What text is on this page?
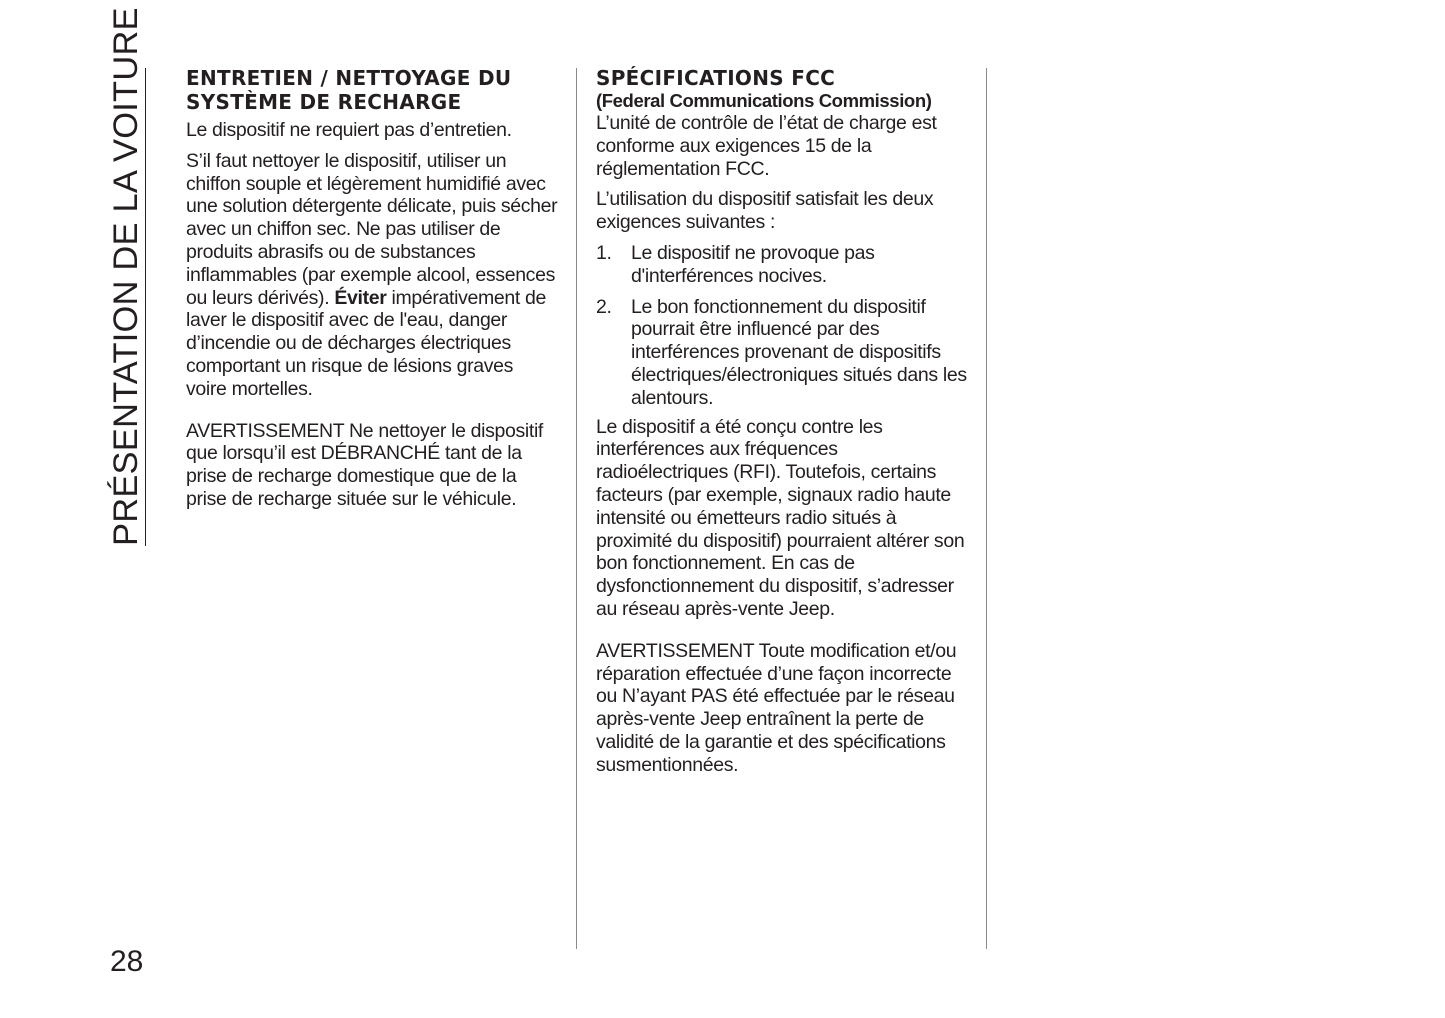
PRÉSENTATION DE LA VOITURE ENTRETIEN / NETTOYAGE DU
SYSTÈME DE RECHARGE

Le dispositif ne requiert pas d’entretien.

S’il faut nettoyer le dispositif, utiliser un chiffon souple et légèrement humidifié avec une solution détergente délicate, puis sécher avec un chiffon sec. Ne pas utiliser de produits abrasifs ou de substances inflammables (par exemple alcool, essences ou leurs dérivés). Éviter impérativement de laver le dispositif avec de l'eau, danger d’incendie ou de décharges électriques comportant un risque de lésions graves voire mortelles.

AVERTISSEMENT Ne nettoyer le dispositif que lorsqu’il est DÉBRANCHÉ tant de la prise de recharge domestique que de la prise de recharge située sur le véhicule.

SPÉCIFICATIONS FCC

(Federal Communications Commission)

L’unité de contrôle de l’état de charge est conforme aux exigences 15 de la réglementation FCC.

L’utilisation du dispositif satisfait les deux exigences suivantes :

1. Le dispositif ne provoque pas d'interférences nocives.
2. Le bon fonctionnement du dispositif pourrait être influencé par des interférences provenant de dispositifs électriques/électroniques situés dans les alentours.

Le dispositif a été conçu contre les interférences aux fréquences radioélectriques (RFI). Toutefois, certains facteurs (par exemple, signaux radio haute intensité ou émetteurs radio situés à proximité du dispositif) pourraient altérer son bon fonctionnement. En cas de dysfonctionnement du dispositif, s’adresser au réseau après-vente Jeep.

AVERTISSEMENT Toute modification et/ou réparation effectuée d’une façon incorrecte ou N’ayant PAS été effectuée par le réseau après-vente Jeep entraînent la perte de validité de la garantie et des spécifications susmentionnées.

28
